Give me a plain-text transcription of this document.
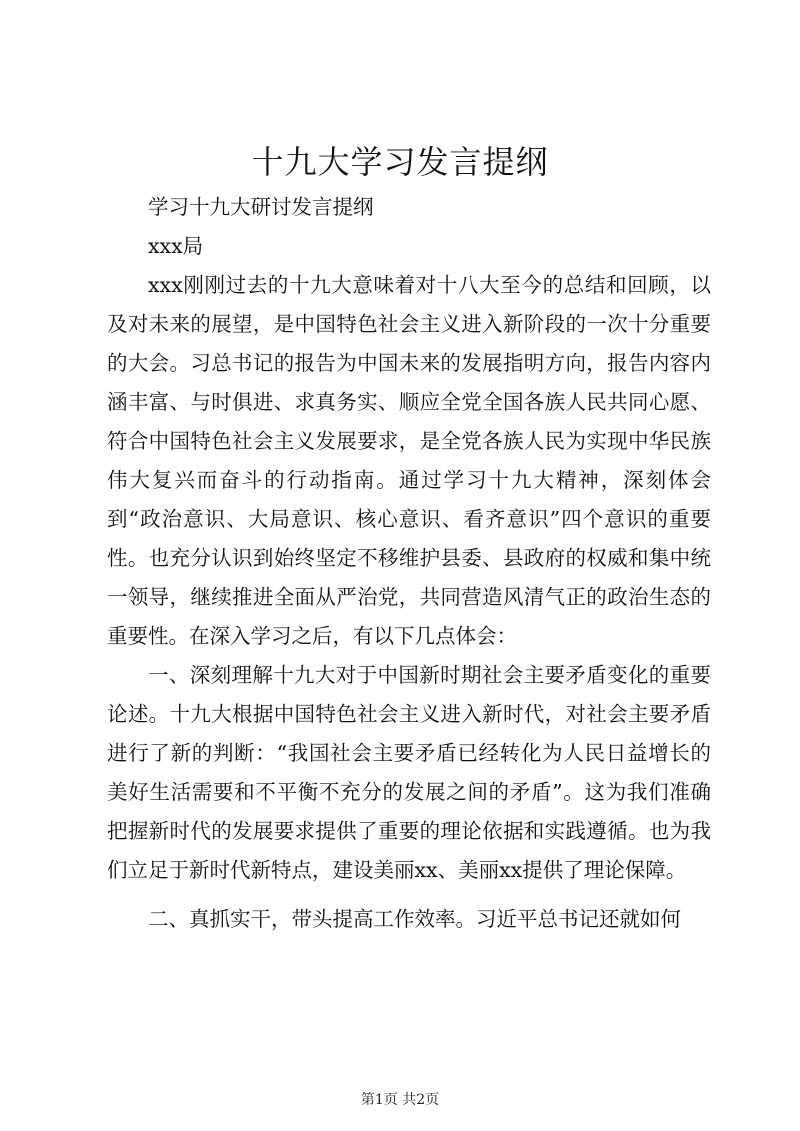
十九大学习发言提纲

学习十九大研讨发言提纲

xxx局

xxx刚刚过去的十九大意味着对十八大至今的总结和回顾，以及对未来的展望，是中国特色社会主义进入新阶段的一次十分重要的大会。习总书记的报告为中国未来的发展指明方向，报告内容内涵丰富、与时俱进、求真务实、顺应全党全国各族人民共同心愿、符合中国特色社会主义发展要求，是全党各族人民为实现中华民族伟大复兴而奋斗的行动指南。通过学习十九大精神，深刻体会到“政治意识、大局意识、核心意识、看齐意识”四个意识的重要性。也充分认识到始终坚定不移维护县委、县政府的权威和集中统一领导，继续推进全面从严治党，共同营造风清气正的政治生态的重要性。在深入学习之后，有以下几点体会：

一、深刻理解十九大对于中国新时期社会主要矛盾变化的重要论述。十九大根据中国特色社会主义进入新时代，对社会主要矛盾进行了新的判断：“我国社会主要矛盾已经转化为人民日益增长的美好生活需要和不平衡不充分的发展之间的矛盾”。这为我们准确把握新时代的发展要求提供了重要的理论依据和实践遵循。也为我们立足于新时代新特点，建设美丽xx、美丽xx提供了理论保障。

二、真抓实干，带头提高工作效率。习近平总书记还就如何

第1页 共2页
